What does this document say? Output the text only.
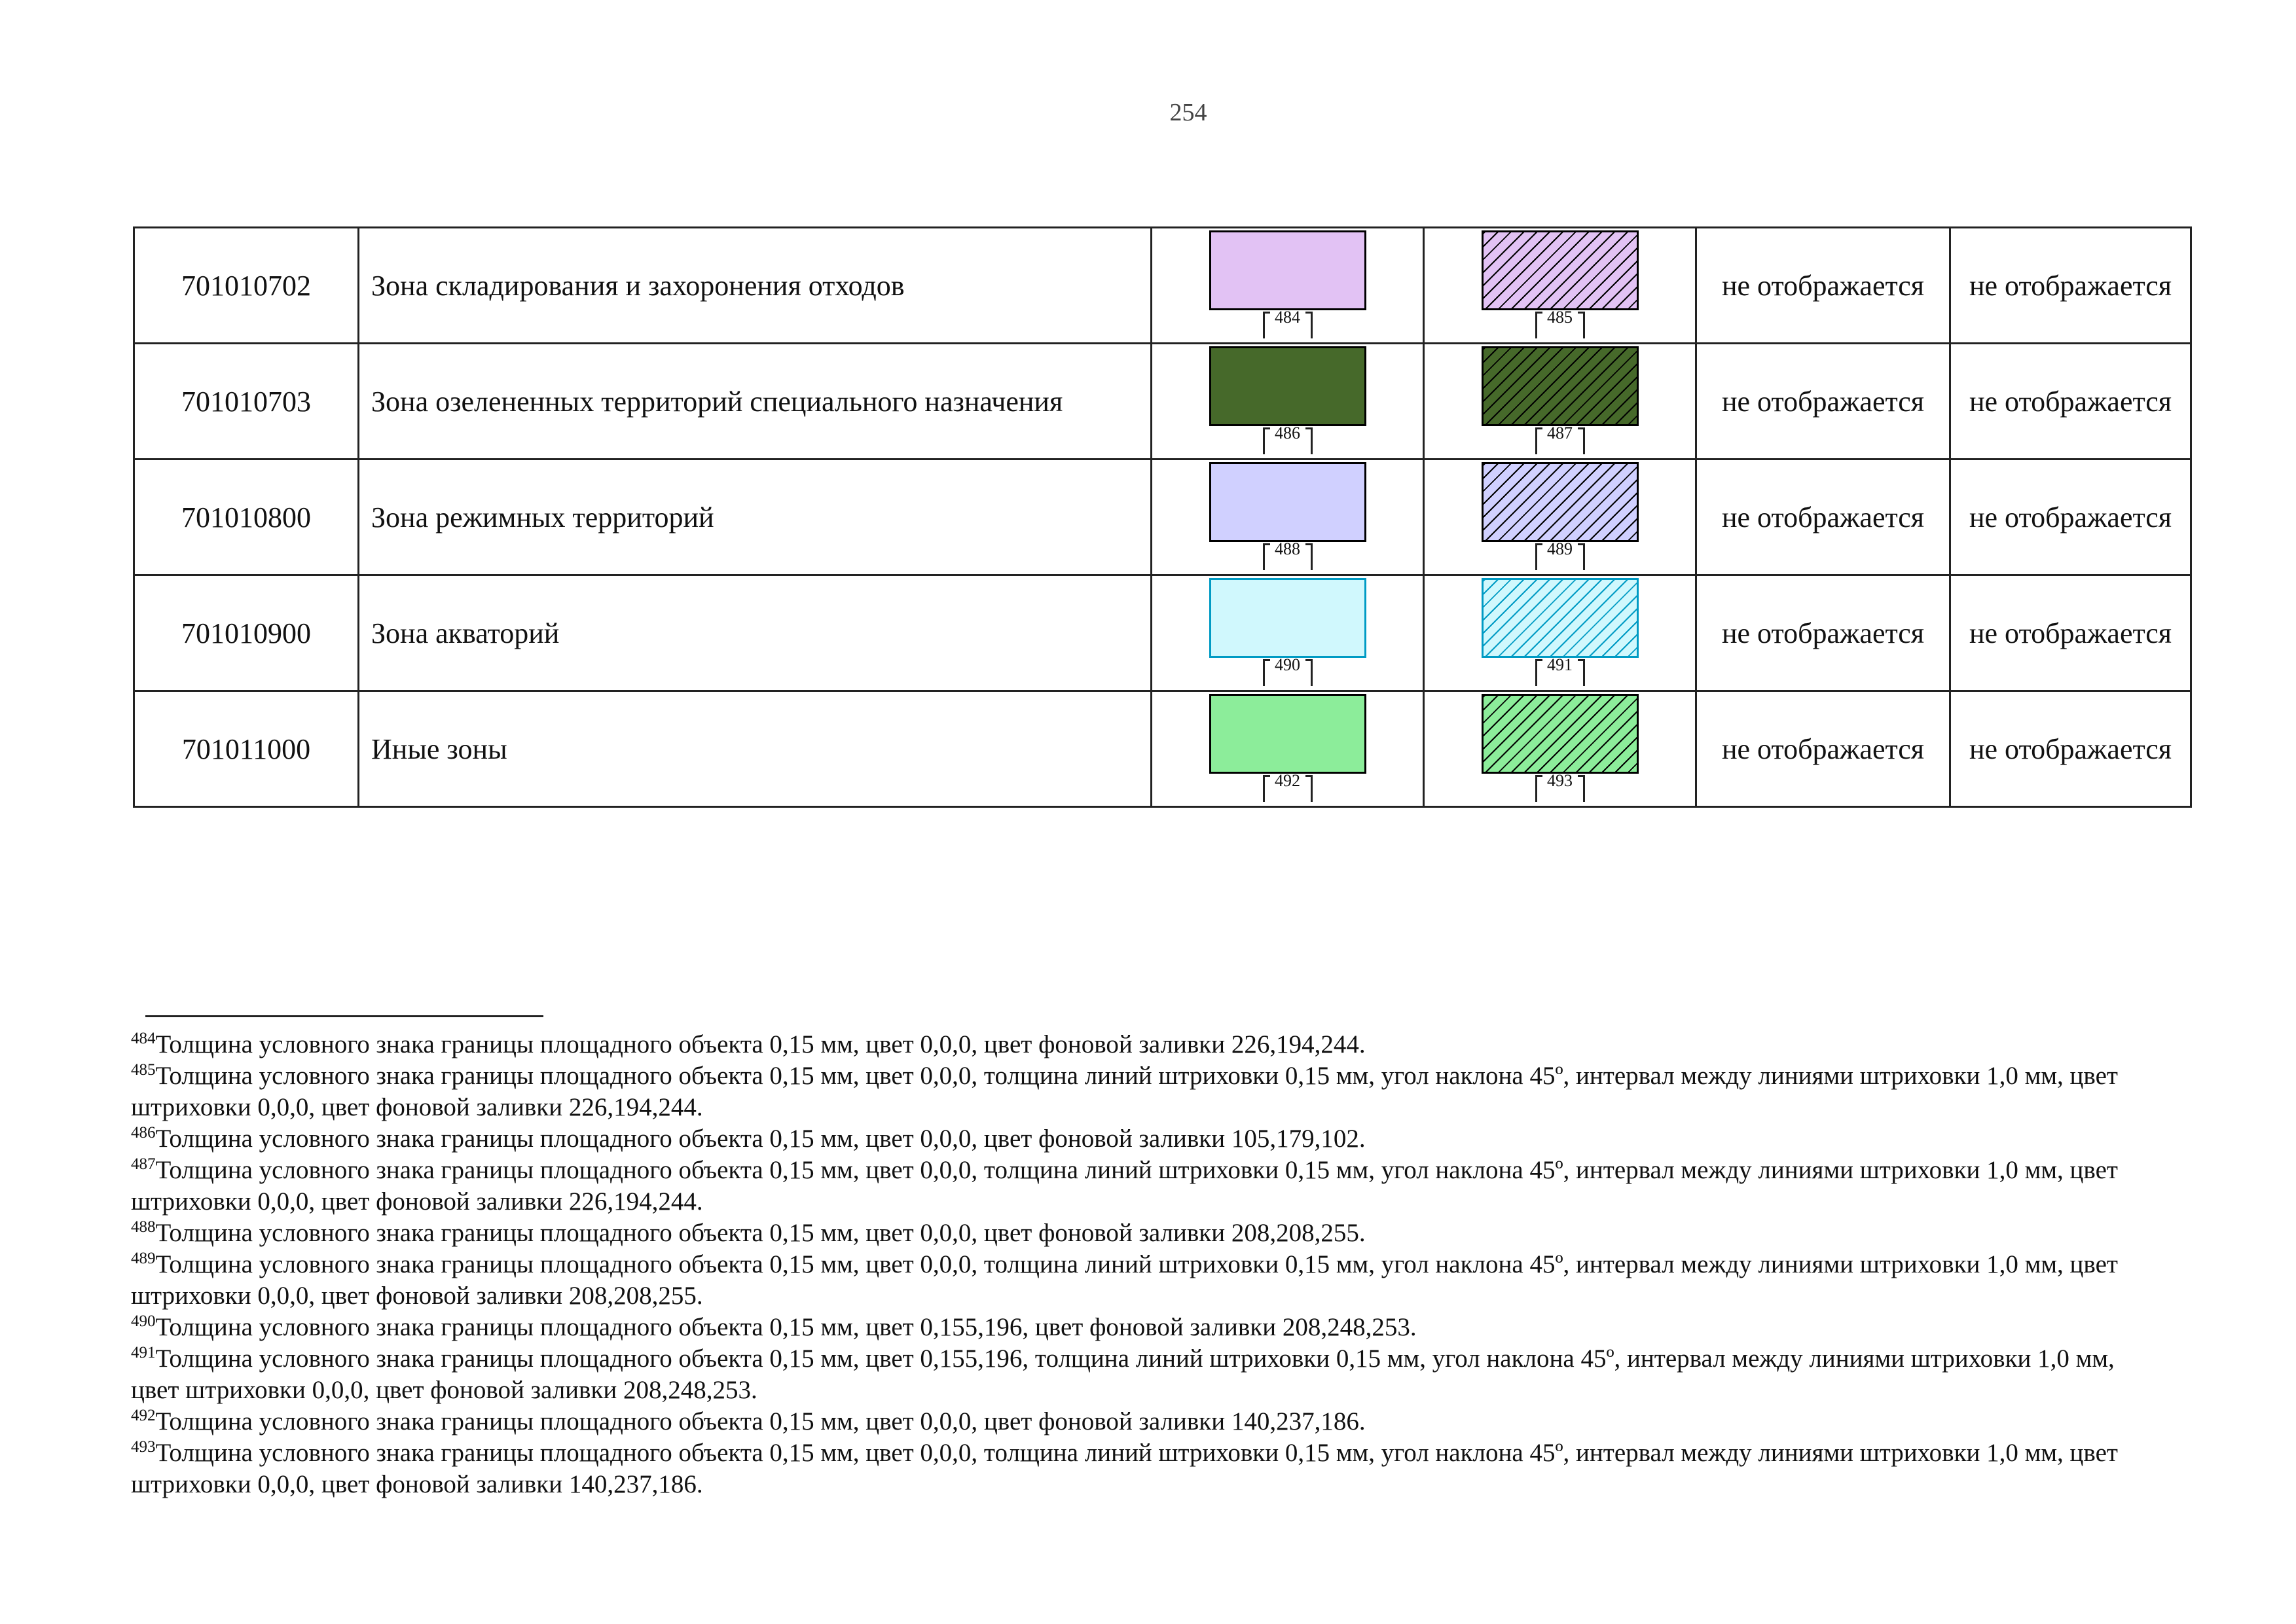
254
701010702	Зона складирования и захоронения отходов	484	485	не отображается	не отображается
701010703	Зона озелененных территорий специального назначения	486	487	не отображается	не отображается
701010800	Зона режимных территорий	488	489	не отображается	не отображается
701010900	Зона акваторий	490	491	не отображается	не отображается
701011000	Иные зоны	492	493	не отображается	не отображается

$^{484}$Толщина условного знака границы площадного объекта 0,15 мм, цвет 0,0,0, цвет фоновой заливки 226,194,244.

$^{485}$Толщина условного знака границы площадного объекта 0,15 мм, цвет 0,0,0, толщина линий штриховки 0,15 мм, угол наклона 45º, интервал между линиями штриховки 1,0 мм, цвет штриховки 0,0,0, цвет фоновой заливки 226,194,244.

$^{486}$Толщина условного знака границы площадного объекта 0,15 мм, цвет 0,0,0, цвет фоновой заливки 105,179,102.

$^{487}$Толщина условного знака границы площадного объекта 0,15 мм, цвет 0,0,0, толщина линий штриховки 0,15 мм, угол наклона 45º, интервал между линиями штриховки 1,0 мм, цвет штриховки 0,0,0, цвет фоновой заливки 226,194,244.

$^{488}$Толщина условного знака границы площадного объекта 0,15 мм, цвет 0,0,0, цвет фоновой заливки 208,208,255.

$^{489}$Толщина условного знака границы площадного объекта 0,15 мм, цвет 0,0,0, толщина линий штриховки 0,15 мм, угол наклона 45º, интервал между линиями штриховки 1,0 мм, цвет штриховки 0,0,0, цвет фоновой заливки 208,208,255.

$^{490}$Толщина условного знака границы площадного объекта 0,15 мм, цвет 0,155,196, цвет фоновой заливки 208,248,253.

$^{491}$Толщина условного знака границы площадного объекта 0,15 мм, цвет 0,155,196, толщина линий штриховки 0,15 мм, угол наклона 45º, интервал между линиями штриховки 1,0 мм, цвет штриховки 0,0,0, цвет фоновой заливки 208,248,253.

$^{492}$Толщина условного знака границы площадного объекта 0,15 мм, цвет 0,0,0, цвет фоновой заливки 140,237,186.

$^{493}$Толщина условного знака границы площадного объекта 0,15 мм, цвет 0,0,0, толщина линий штриховки 0,15 мм, угол наклона 45º, интервал между линиями штриховки 1,0 мм, цвет штриховки 0,0,0, цвет фоновой заливки 140,237,186.
